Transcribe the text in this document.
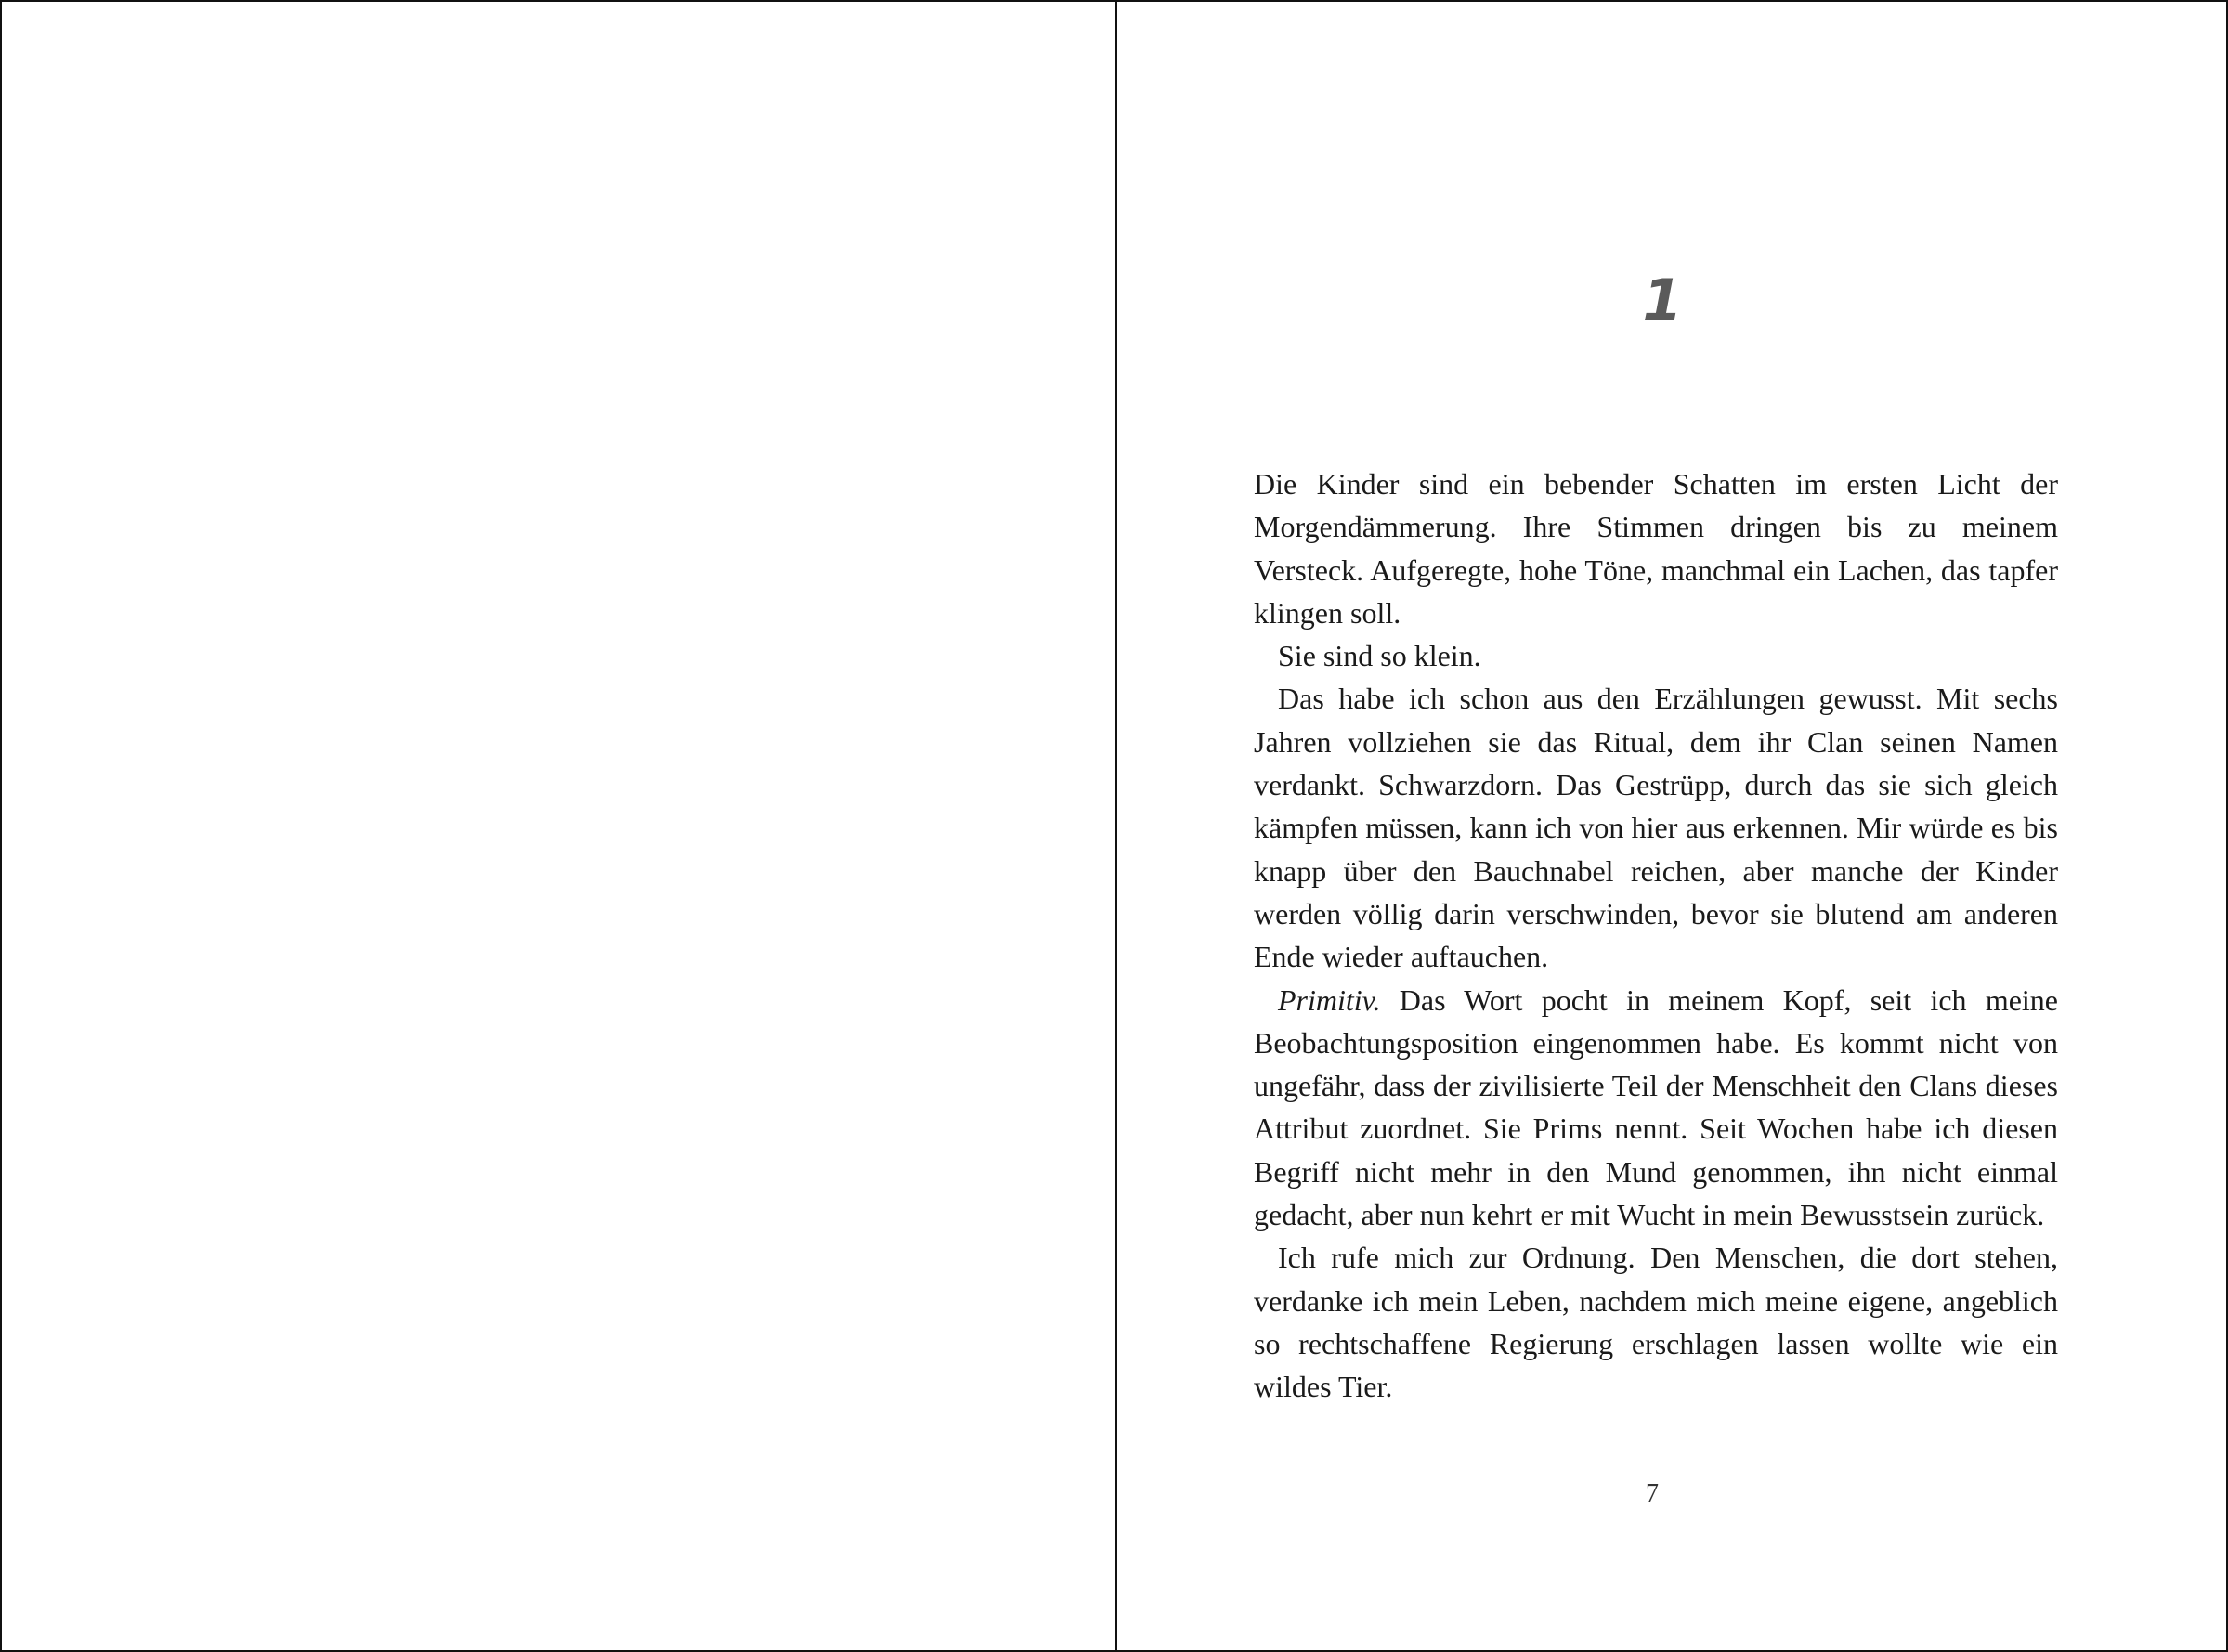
1

Die Kinder sind ein bebender Schatten im ersten Licht der Morgendämmerung. Ihre Stimmen dringen bis zu meinem Versteck. Aufgeregte, hohe Töne, manchmal ein Lachen, das tapfer klingen soll.

Sie sind so klein.

Das habe ich schon aus den Erzählungen gewusst. Mit sechs Jahren vollziehen sie das Ritual, dem ihr Clan seinen Namen verdankt. Schwarzdorn. Das Gestrüpp, durch das sie sich gleich kämpfen müssen, kann ich von hier aus erkennen. Mir würde es bis knapp über den Bauchnabel reichen, aber manche der Kinder werden völlig darin verschwinden, bevor sie blutend am anderen Ende wieder auftauchen.

Primitiv. Das Wort pocht in meinem Kopf, seit ich meine Beobachtungsposition eingenommen habe. Es kommt nicht von ungefähr, dass der zivilisierte Teil der Menschheit den Clans dieses Attribut zuordnet. Sie Prims nennt. Seit Wochen habe ich diesen Begriff nicht mehr in den Mund genommen, ihn nicht einmal gedacht, aber nun kehrt er mit Wucht in mein Bewusstsein zurück.

Ich rufe mich zur Ordnung. Den Menschen, die dort stehen, verdanke ich mein Leben, nachdem mich meine eigene, angeblich so rechtschaffene Regierung erschlagen lassen wollte wie ein wildes Tier.

7
